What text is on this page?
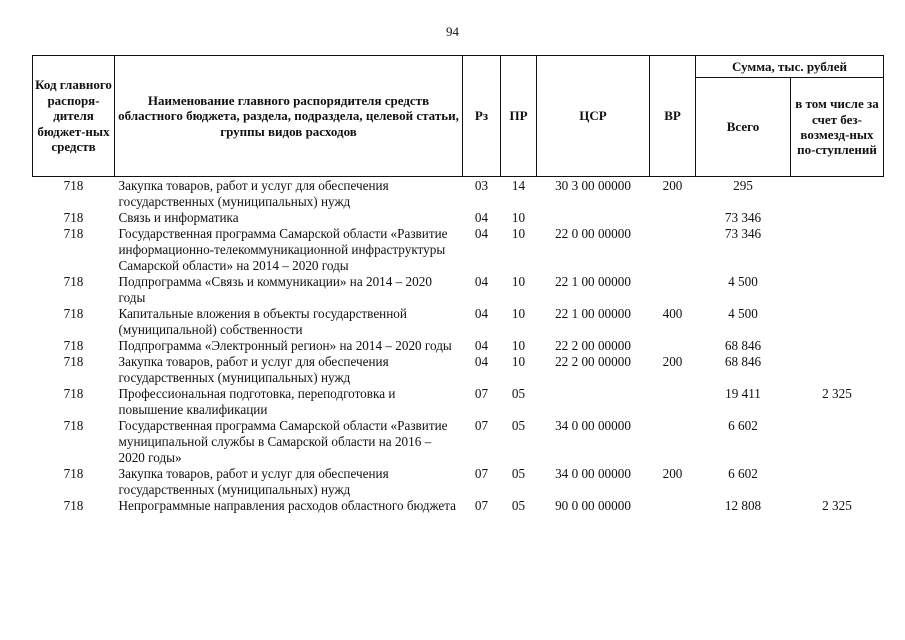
94
Код главного распоря-дителя бюджет-ных средств	Наименование главного распорядителя средств областного бюджета, раздела, подраздела, целевой статьи, группы видов расходов	Рз	ПР	ЦСР	ВР	Сумма, тыс. рублей	
						Всего	в том числе за счет без-возмезд-ных по-ступлений
718	Закупка товаров, работ и услуг для обеспечения государственных (муниципальных) нужд	03	14	30 3 00 00000	200	295	
718	Связь и информатика	04	10			73 346	
718	Государственная программа Самарской области «Развитие информационно-телекоммуникационной инфраструктуры Самарской области» на 2014 – 2020 годы	04	10	22 0 00 00000		73 346	
718	Подпрограмма «Связь и коммуникации» на 2014 – 2020 годы	04	10	22 1 00 00000		4 500	
718	Капитальные вложения в объекты государственной (муниципальной) собственности	04	10	22 1 00 00000	400	4 500	
718	Подпрограмма «Электронный регион» на 2014 – 2020 годы	04	10	22 2 00 00000		68 846	
718	Закупка товаров, работ и услуг для обеспечения государственных (муниципальных) нужд	04	10	22 2 00 00000	200	68 846	
718	Профессиональная подготовка, переподготовка и повышение квалификации	07	05			19 411	2 325
718	Государственная программа Самарской области «Развитие муниципальной службы в Самарской области на 2016 – 2020 годы»	07	05	34 0 00 00000		6 602	
718	Закупка товаров, работ и услуг для обеспечения государственных (муниципальных) нужд	07	05	34 0 00 00000	200	6 602	
718	Непрограммные направления расходов областного бюджета	07	05	90 0 00 00000		12 808	2 325
